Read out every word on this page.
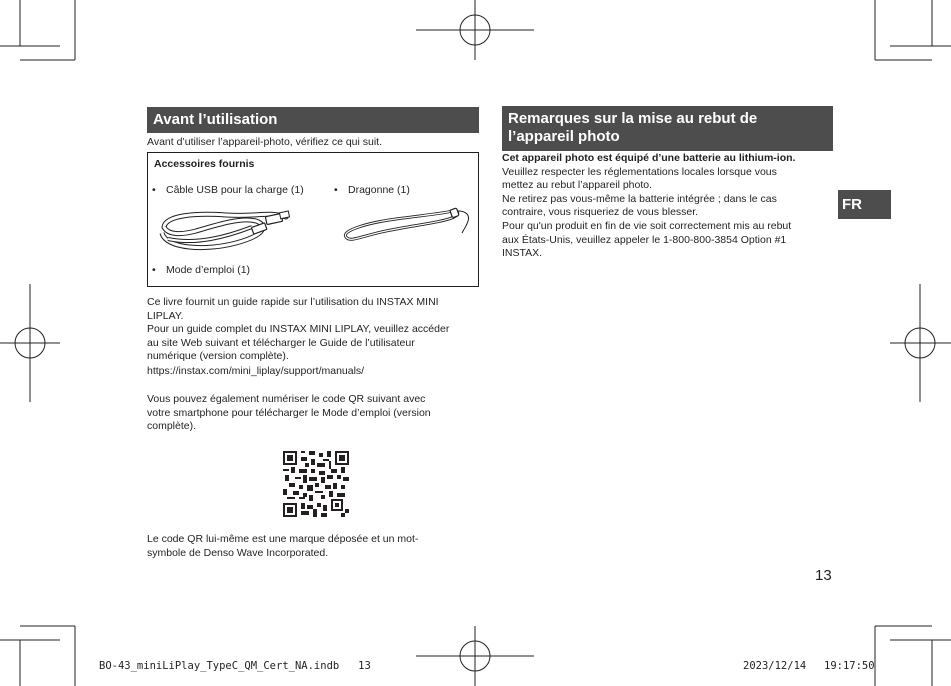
Avant l’utilisation
Avant d’utiliser l’appareil-photo, vérifiez ce qui suit.
Accessoires fournis
• Câble USB pour la charge (1)	• Dragonne (1)
• Mode d’emploi (1)
Ce livre fournit un guide rapide sur l’utilisation du INSTAX MINI
LIPLAY.
Pour un guide complet du INSTAX MINI LIPLAY, veuillez accéder
au site Web suivant et télécharger le Guide de l’utilisateur
numérique (version complète).
https://instax.com/mini_liplay/support/manuals/
Vous pouvez également numériser le code QR suivant avec
votre smartphone pour télécharger le Mode d’emploi (version
complète).
Le code QR lui-même est une marque déposée et un mot-
symbole de Denso Wave Incorporated.
Remarques sur la mise au rebut de
l’appareil photo
Cet appareil photo est équipé d’une batterie au lithium-ion.
Veuillez respecter les réglementations locales lorsque vous
mettez au rebut l’appareil photo.
Ne retirez pas vous-même la batterie intégrée ; dans le cas
contraire, vous risqueriez de vous blesser.
Pour qu'un produit en fin de vie soit correctement mis au rebut
aux États-Unis, veuillez appeler le 1-800-800-3854 Option #1
INSTAX.
FR
13
BO-43_miniLiPlay_TypeC_QM_Cert_NA.indb   13	2023/12/14 19:17:50
